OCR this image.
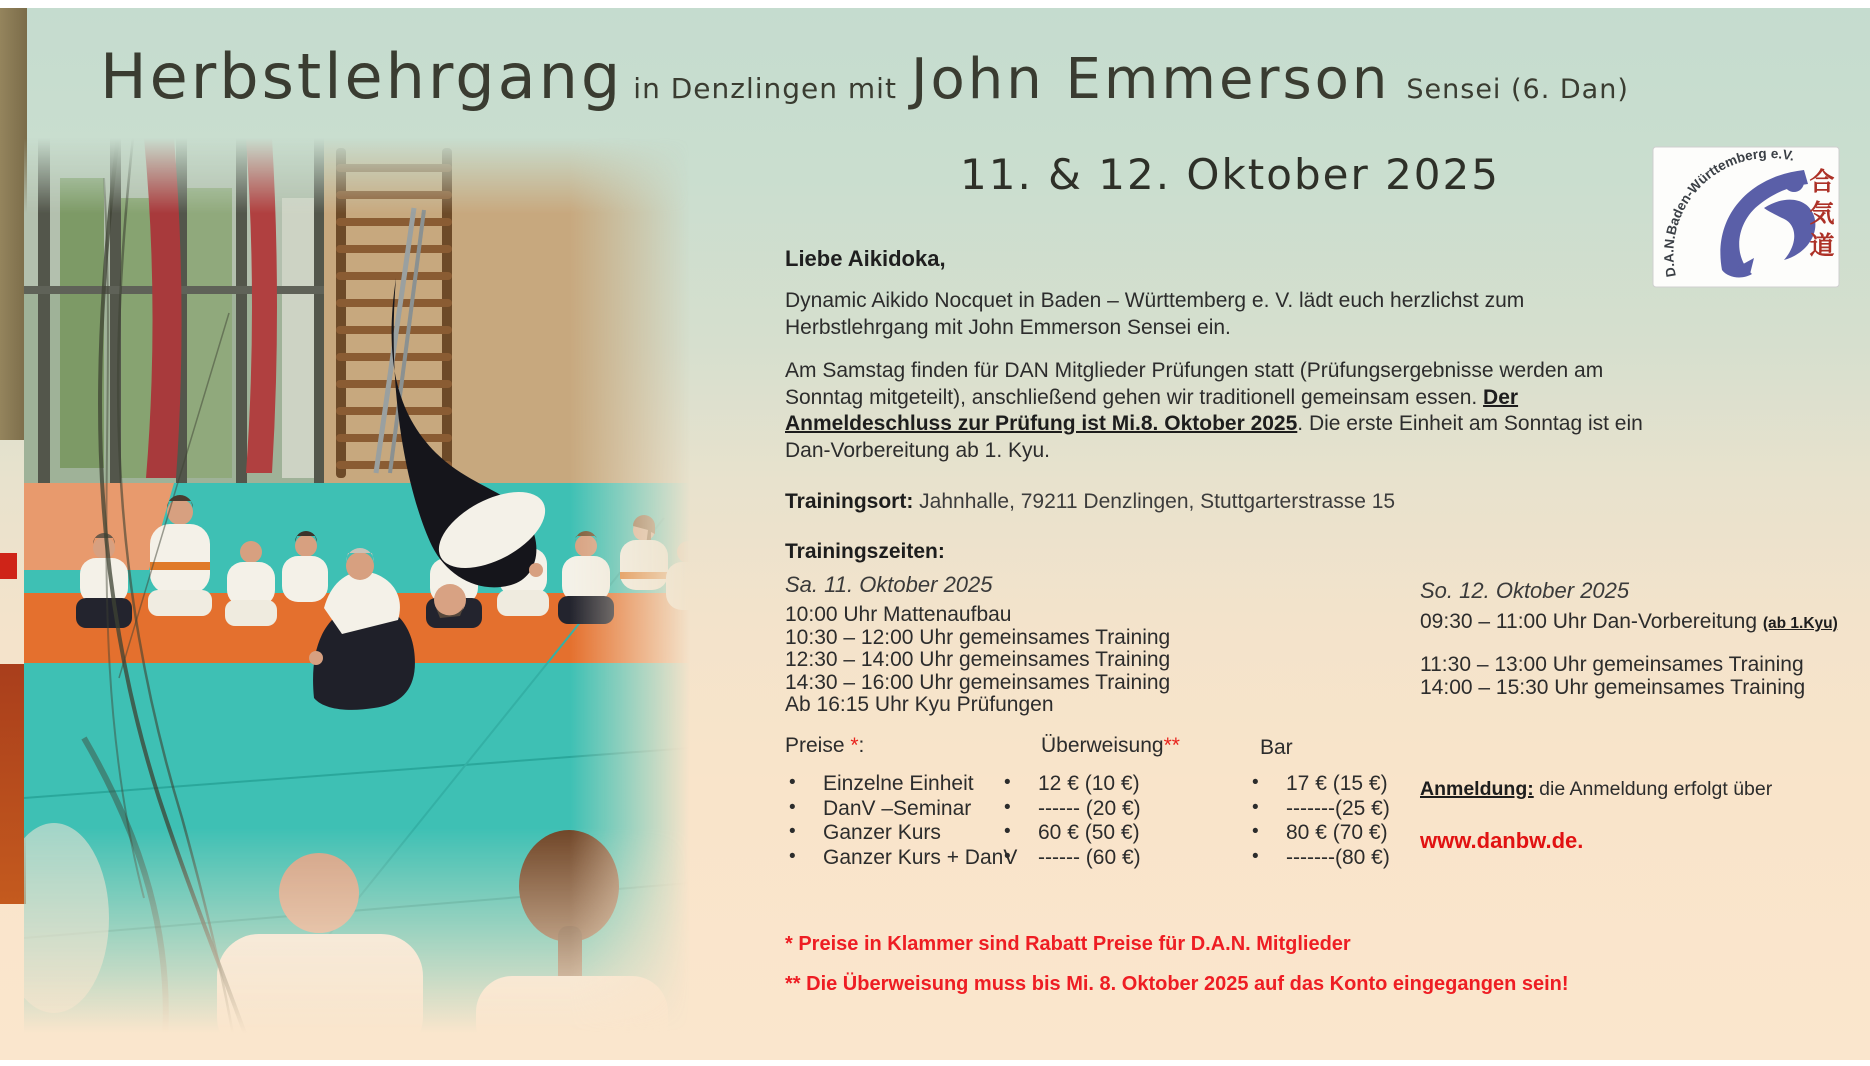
Herbstlehrgang in Denzlingen mit John Emmerson Sensei (6. Dan)
D.A.N.Baden-Württemberg e.V.
合
気
道
11. & 12. Oktober 2025
Liebe Aikidoka,
Dynamic Aikido Nocquet in Baden – Württemberg e. V. lädt euch herzlichst zum Herbstlehrgang mit John Emmerson Sensei ein.
Am Samstag finden für DAN Mitglieder Prüfungen statt (Prüfungsergebnisse werden am Sonntag mitgeteilt), anschließend gehen wir traditionell gemeinsam essen. Der Anmeldeschluss zur Prüfung ist Mi.8. Oktober 2025. Die erste Einheit am Sonntag ist ein Dan-Vorbereitung ab 1. Kyu.
Trainingsort: Jahnhalle, 79211 Denzlingen, Stuttgarterstrasse 15
Trainingszeiten:
Sa. 11. Oktober 2025
10:00 Uhr Mattenaufbau
10:30 – 12:00 Uhr gemeinsames Training
12:30 – 14:00 Uhr gemeinsames Training
14:30 – 16:00 Uhr gemeinsames Training
Ab 16:15 Uhr Kyu Prüfungen
So. 12. Oktober 2025
09:30 – 11:00 Uhr Dan-Vorbereitung (ab 1.Kyu)
11:30 – 13:00 Uhr gemeinsames Training
14:00 – 15:30 Uhr gemeinsames Training
Preise *:	Überweisung**	Bar
• Einzelne Einheit
• DanV –Seminar
• Ganzer Kurs
• Ganzer Kurs + DanV
• 12 € (10 €)
• ------ (20 €)
• 60 € (50 €)
• ------ (60 €)
• 17 € (15 €)
• -------(25 €)
• 80 € (70 €)
• -------(80 €)
Anmeldung: die Anmeldung erfolgt über
www.danbw.de.
* Preise in Klammer sind Rabatt Preise für D.A.N. Mitglieder
** Die Überweisung muss bis Mi. 8. Oktober 2025 auf das Konto eingegangen sein!
